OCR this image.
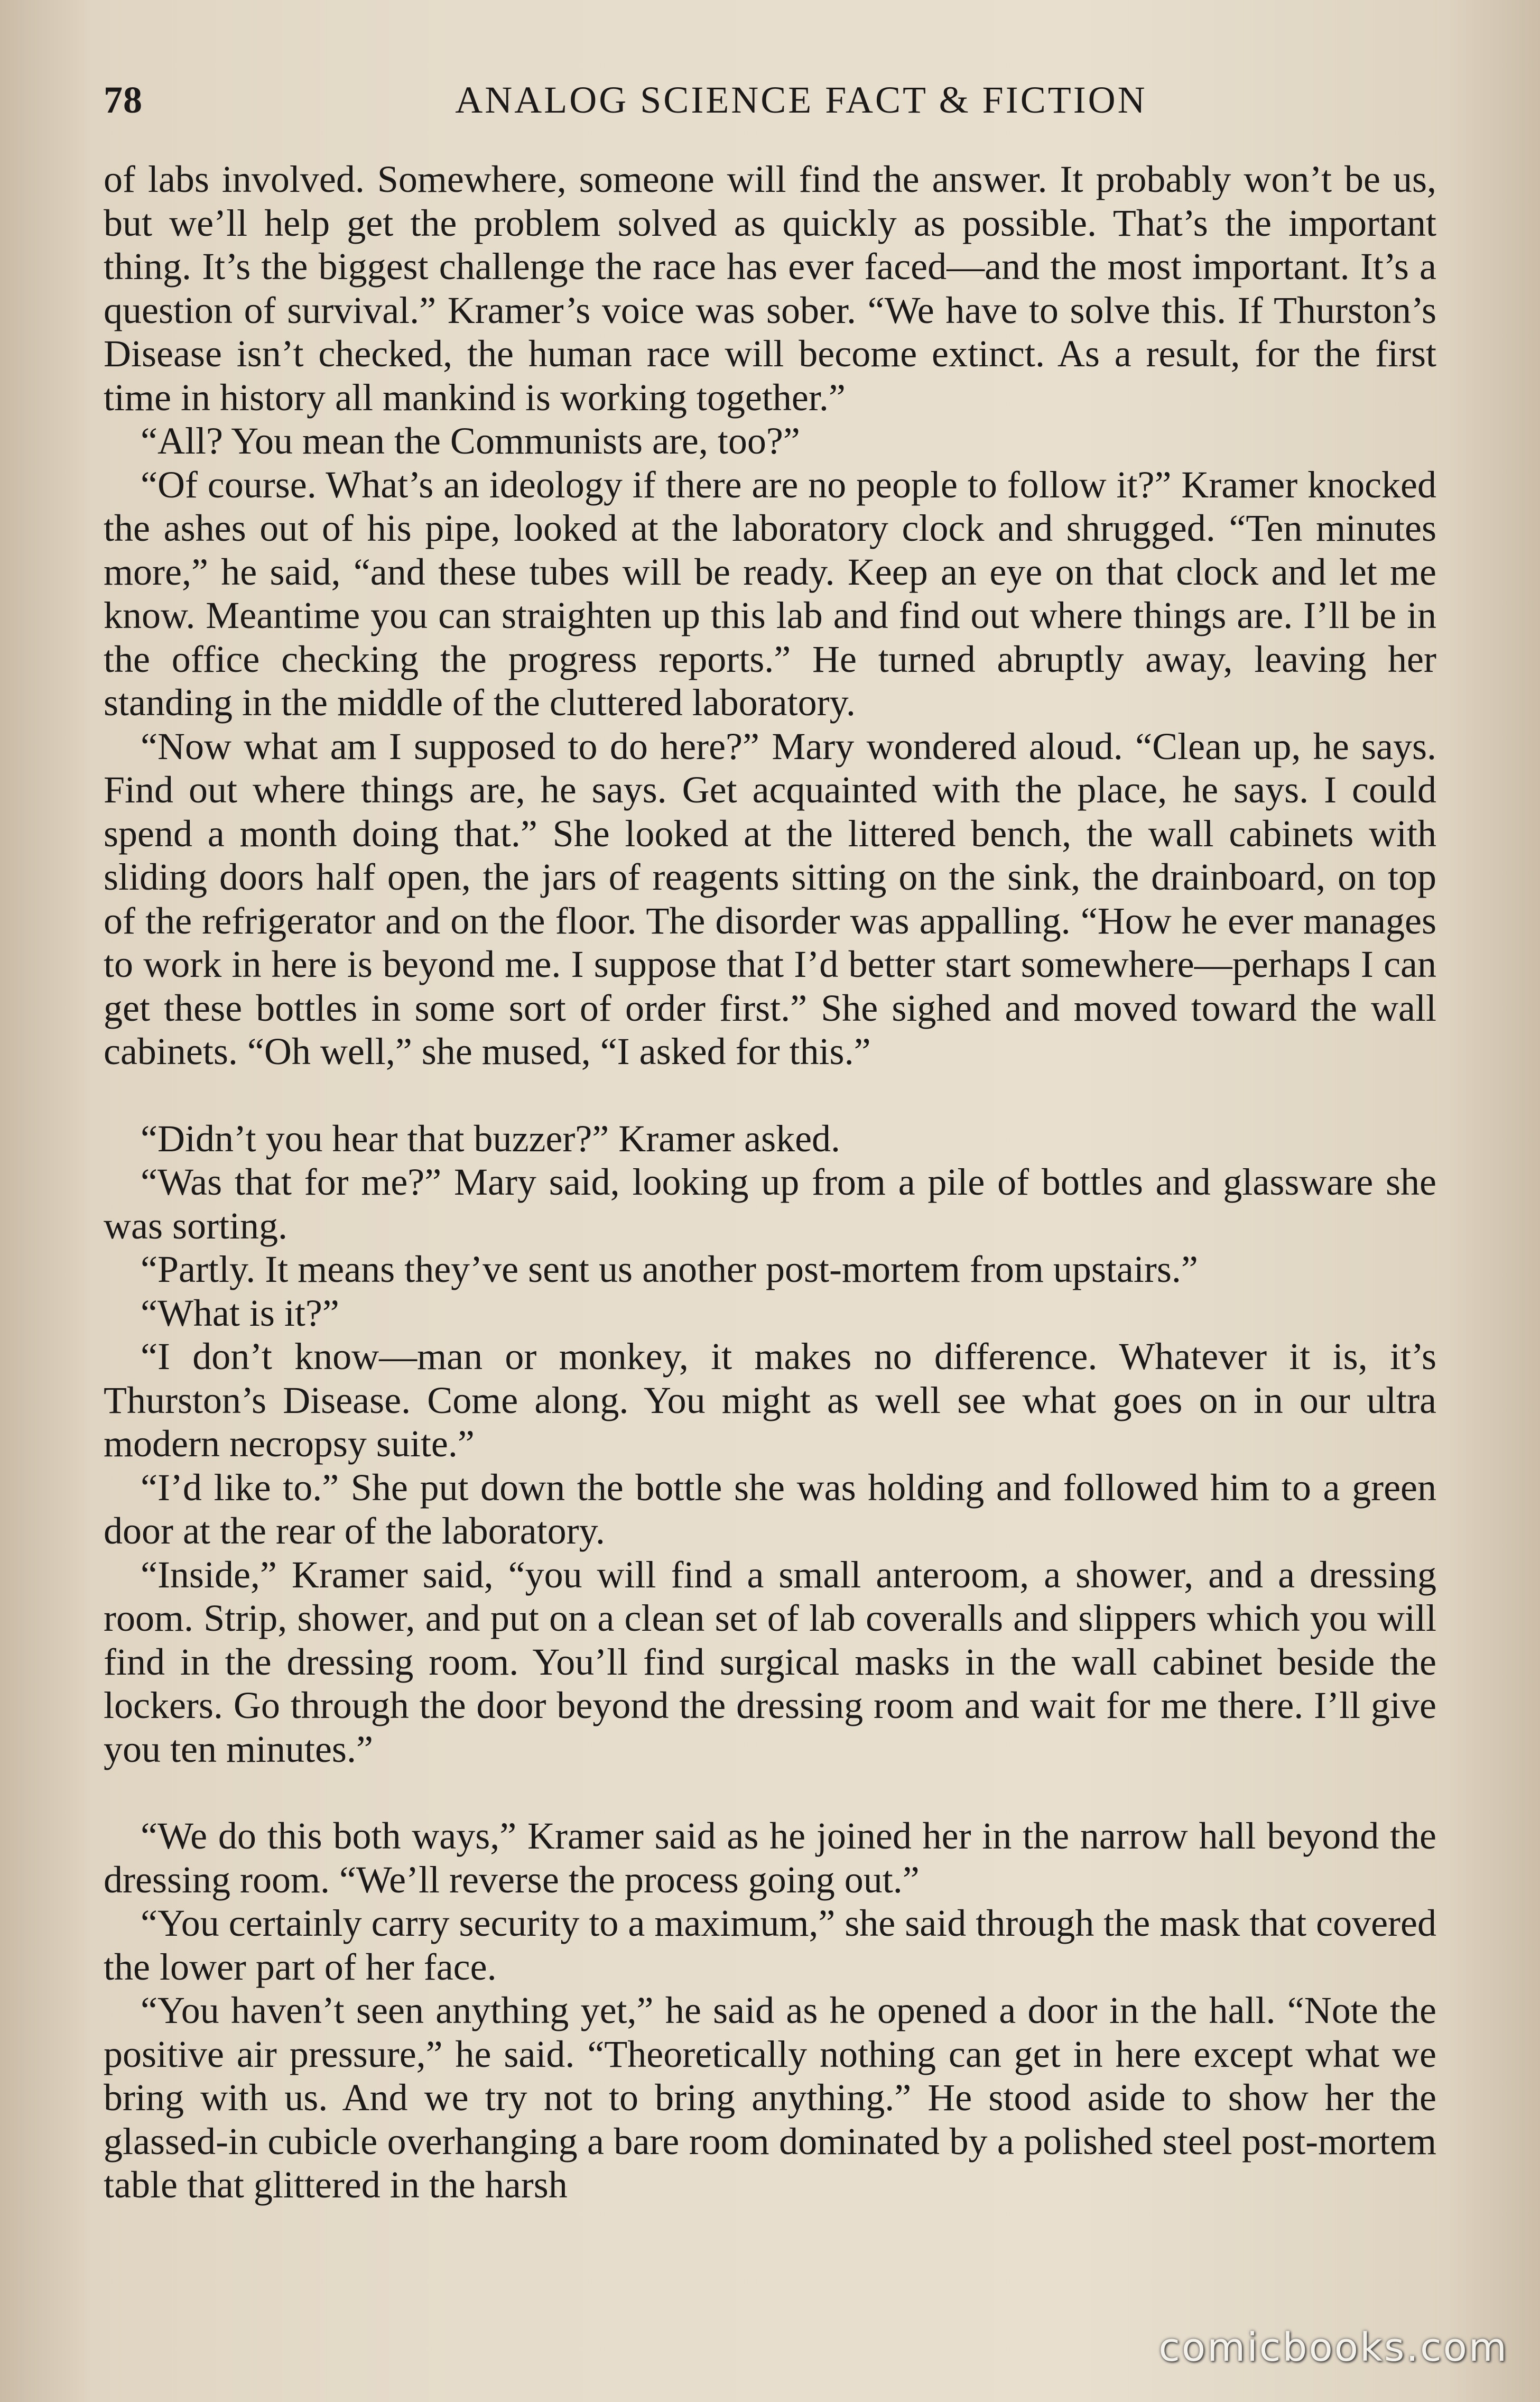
78	ANALOG SCIENCE FACT & FICTION

of labs involved. Somewhere, someone will find the answer. It probably won’t be us, but we’ll help get the problem solved as quickly as possible. That’s the important thing. It’s the biggest challenge the race has ever faced—and the most important. It’s a question of survival.” Kramer’s voice was sober. “We have to solve this. If Thurston’s Disease isn’t checked, the human race will become extinct. As a result, for the first time in history all mankind is working together.”

“All? You mean the Communists are, too?”

“Of course. What’s an ideology if there are no people to follow it?” Kramer knocked the ashes out of his pipe, looked at the laboratory clock and shrugged. “Ten minutes more,” he said, “and these tubes will be ready. Keep an eye on that clock and let me know. Meantime you can straighten up this lab and find out where things are. I’ll be in the office checking the progress reports.” He turned abruptly away, leaving her standing in the middle of the cluttered laboratory.

“Now what am I supposed to do here?” Mary wondered aloud. “Clean up, he says. Find out where things are, he says. Get acquainted with the place, he says. I could spend a month doing that.” She looked at the littered bench, the wall cabinets with sliding doors half open, the jars of reagents sitting on the sink, the drainboard, on top of the refrigerator and on the floor. The disorder was appalling. “How he ever manages to work in here is beyond me. I suppose that I’d better start somewhere—perhaps I can get these bottles in some sort of order first.” She sighed and moved toward the wall cabinets. “Oh well,” she mused, “I asked for this.”

“Didn’t you hear that buzzer?” Kramer asked.

“Was that for me?” Mary said, looking up from a pile of bottles and glassware she was sorting.

“Partly. It means they’ve sent us another post-mortem from upstairs.”

“What is it?”

“I don’t know—man or monkey, it makes no difference. Whatever it is, it’s Thurston’s Disease. Come along. You might as well see what goes on in our ultra modern necropsy suite.”

“I’d like to.” She put down the bottle she was holding and followed him to a green door at the rear of the laboratory.

“Inside,” Kramer said, “you will find a small anteroom, a shower, and a dressing room. Strip, shower, and put on a clean set of lab coveralls and slippers which you will find in the dressing room. You’ll find surgical masks in the wall cabinet beside the lockers. Go through the door beyond the dressing room and wait for me there. I’ll give you ten minutes.”

“We do this both ways,” Kramer said as he joined her in the narrow hall beyond the dressing room. “We’ll reverse the process going out.”

“You certainly carry security to a maximum,” she said through the mask that covered the lower part of her face.

“You haven’t seen anything yet,” he said as he opened a door in the hall. “Note the positive air pressure,” he said. “Theoretically nothing can get in here except what we bring with us. And we try not to bring anything.” He stood aside to show her the glassed-in cubicle overhanging a bare room dominated by a polished steel post-mortem table that glittered in the harsh

comicbooks.com
